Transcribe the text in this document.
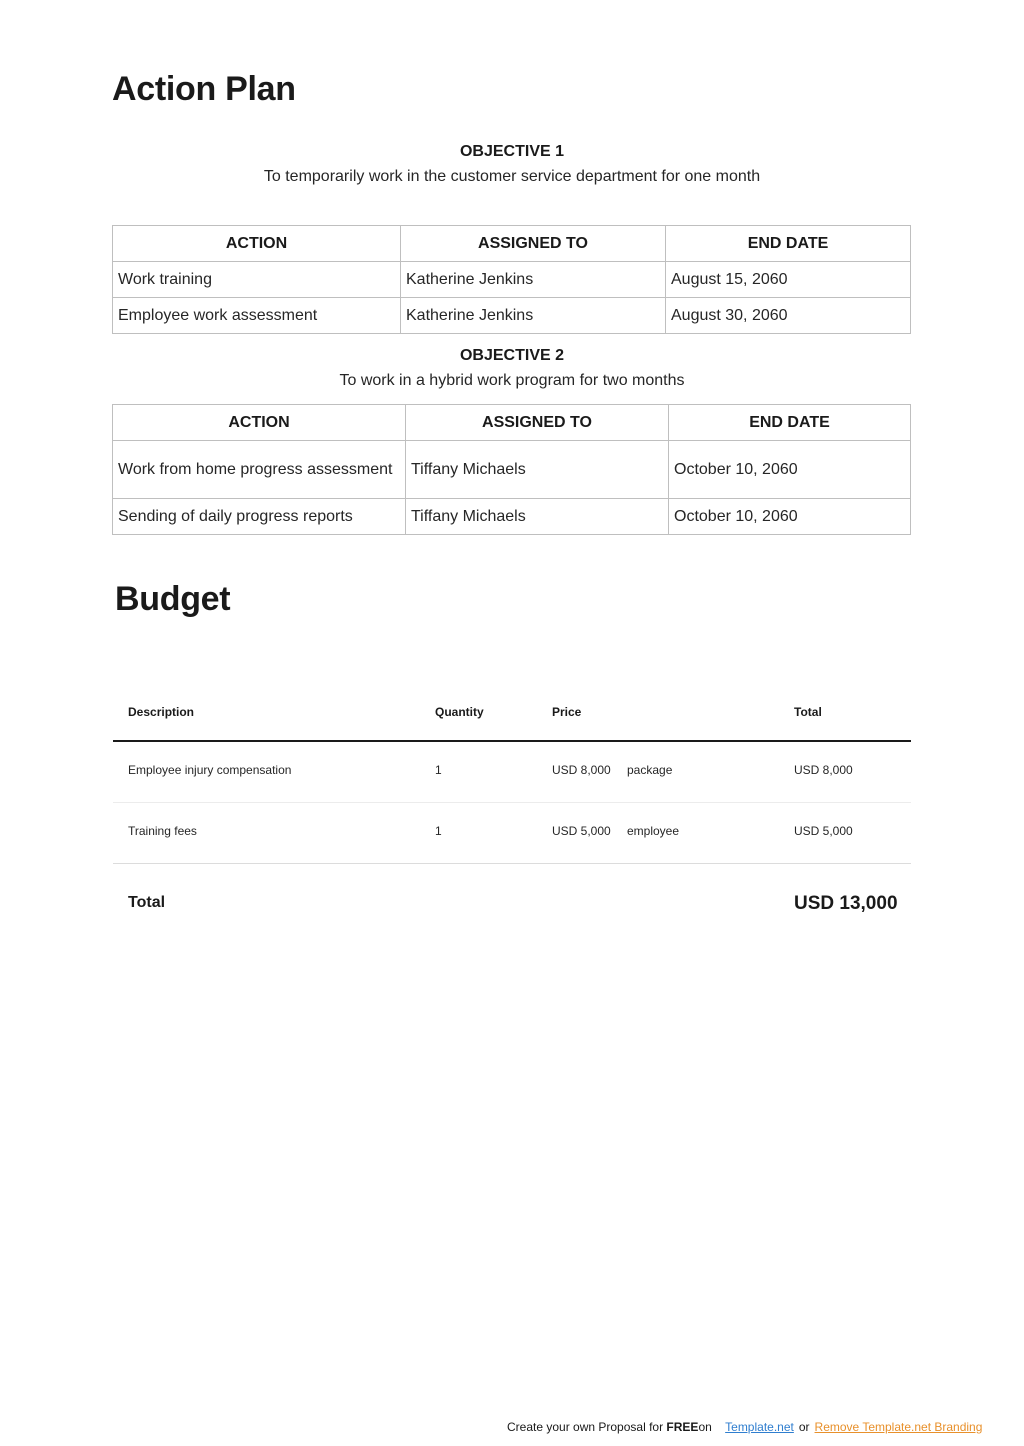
Action Plan
OBJECTIVE 1
To temporarily work in the customer service department for one month
ACTION	ASSIGNED TO	END DATE
Work training	Katherine Jenkins	August 15, 2060
Employee work assessment	Katherine Jenkins	August 30, 2060
OBJECTIVE 2
To work in a hybrid work program for two months
ACTION	ASSIGNED TO	END DATE
Work from home progress assessment	Tiffany Michaels	October 10, 2060
Sending of daily progress reports	Tiffany Michaels	October 10, 2060
Budget
Description	Quantity	Price	Total
Employee injury compensation	1	USD 8,000 package	USD 8,000
Training fees	1	USD 5,000 employee	USD 5,000
Total	USD 13,000
Create your own Proposal for FREEon Template.net or Remove Template.net Branding
